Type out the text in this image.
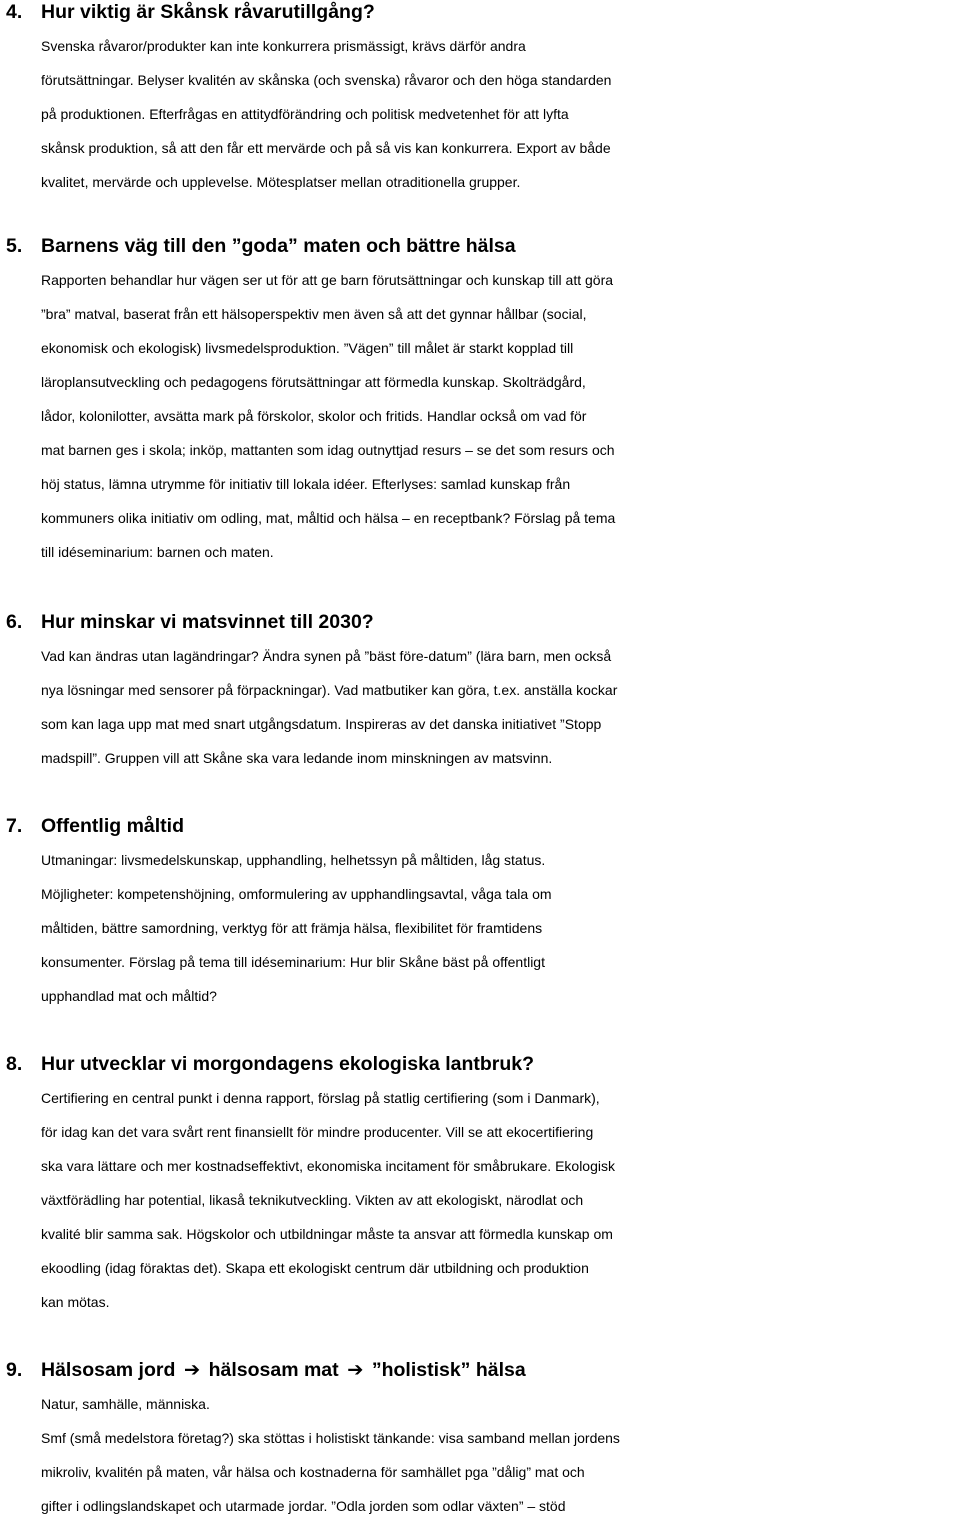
4. Hur viktig är Skånsk råvarutillgång?
Svenska råvaror/produkter kan inte konkurrera prismässigt, krävs därför andra
förutsättningar. Belyser kvalitén av skånska (och svenska) råvaror och den höga standarden
på produktionen. Efterfrågas en attitydförändring och politisk medvetenhet för att lyfta
skånsk produktion, så att den får ett mervärde och på så vis kan konkurrera. Export av både
kvalitet, mervärde och upplevelse. Mötesplatser mellan otraditionella grupper.
5. Barnens väg till den ”goda” maten och bättre hälsa
Rapporten behandlar hur vägen ser ut för att ge barn förutsättningar och kunskap till att göra
”bra” matval, baserat från ett hälsoperspektiv men även så att det gynnar hållbar (social,
ekonomisk och ekologisk) livsmedelsproduktion. ”Vägen” till målet är starkt kopplad till
läroplansutveckling och pedagogens förutsättningar att förmedla kunskap. Skolträdgård,
lådor, kolonilotter, avsätta mark på förskolor, skolor och fritids. Handlar också om vad för
mat barnen ges i skola; inköp, mattanten som idag outnyttjad resurs – se det som resurs och
höj status, lämna utrymme för initiativ till lokala idéer. Efterlyses: samlad kunskap från
kommuners olika initiativ om odling, mat, måltid och hälsa – en receptbank? Förslag på tema
till idéseminarium: barnen och maten.
6. Hur minskar vi matsvinnet till 2030?
Vad kan ändras utan lagändringar? Ändra synen på ”bäst före-datum” (lära barn, men också
nya lösningar med sensorer på förpackningar). Vad matbutiker kan göra, t.ex. anställa kockar
som kan laga upp mat med snart utgångsdatum. Inspireras av det danska initiativet ”Stopp
madspill”. Gruppen vill att Skåne ska vara ledande inom minskningen av matsvinn.
7. Offentlig måltid
Utmaningar: livsmedelskunskap, upphandling, helhetssyn på måltiden, låg status.
Möjligheter: kompetenshöjning, omformulering av upphandlingsavtal, våga tala om
måltiden, bättre samordning, verktyg för att främja hälsa, flexibilitet för framtidens
konsumenter. Förslag på tema till idéseminarium: Hur blir Skåne bäst på offentligt
upphandlad mat och måltid?
8. Hur utvecklar vi morgondagens ekologiska lantbruk?
Certifiering en central punkt i denna rapport, förslag på statlig certifiering (som i Danmark),
för idag kan det vara svårt rent finansiellt för mindre producenter. Vill se att ekocertifiering
ska vara lättare och mer kostnadseffektivt, ekonomiska incitament för småbrukare. Ekologisk
växtförädling har potential, likaså teknikutveckling. Vikten av att ekologiskt, närodlat och
kvalité blir samma sak. Högskolor och utbildningar måste ta ansvar att förmedla kunskap om
ekoodling (idag föraktas det). Skapa ett ekologiskt centrum där utbildning och produktion
kan mötas.
9. Hälsosam jord ➔ hälsosam mat ➔ ”holistisk” hälsa
Natur, samhälle, människa.
Smf (små medelstora företag?) ska stöttas i holistiskt tänkande: visa samband mellan jordens
mikroliv, kvalitén på maten, vår hälsa och kostnaderna för samhället pga ”dålig” mat och
gifter i odlingslandskapet och utarmade jordar. ”Odla jorden som odlar växten” – stöd
